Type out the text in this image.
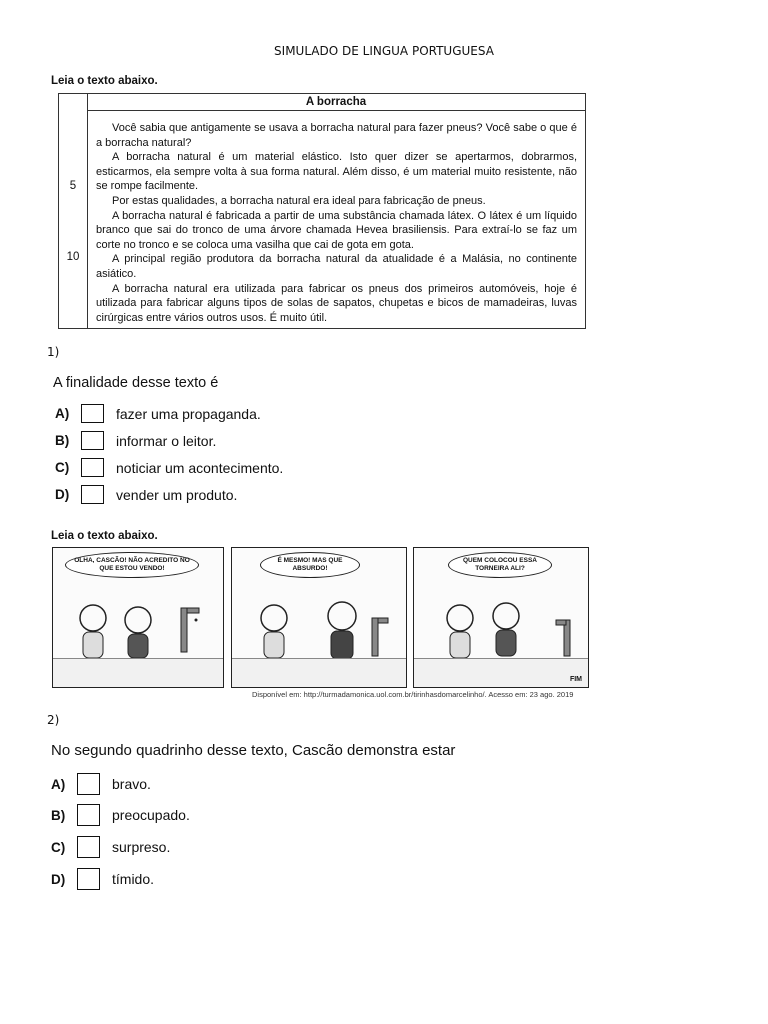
SIMULADO DE LINGUA PORTUGUESA
Leia o texto abaixo.
5
10
A borracha

Você sabia que antigamente se usava a borracha natural para fazer pneus? Você sabe o que é a borracha natural?

A borracha natural é um material elástico. Isto quer dizer se apertarmos, dobrarmos, esticarmos, ela sempre volta à sua forma natural. Além disso, é um material muito resistente, não se rompe facilmente.

Por estas qualidades, a borracha natural era ideal para fabricação de pneus.

A borracha natural é fabricada a partir de uma substância chamada látex. O látex é um líquido branco que sai do tronco de uma árvore chamada Hevea brasiliensis. Para extraí-lo se faz um corte no tronco e se coloca uma vasilha que cai de gota em gota.

A principal região produtora da borracha natural da atualidade é a Malásia, no continente asiático.

A borracha natural era utilizada para fabricar os pneus dos primeiros automóveis, hoje é utilizada para fabricar alguns tipos de solas de sapatos, chupetas e bicos de mamadeiras, luvas cirúrgicas entre vários outros usos. É muito útil.

1)
A finalidade desse texto é
A)	fazer uma propaganda.
B)	informar o leitor.
C)	noticiar um acontecimento.
D)	vender um produto.
Leia o texto abaixo.
OLHA, CASCÃO! NÃO ACREDITO NO QUE ESTOU VENDO!
É MESMO! MAS QUE ABSURDO!
QUEM COLOCOU ESSA TORNEIRA ALI?
FIM
Disponível em: http://turmadamonica.uol.com.br/tirinhasdomarcelinho/. Acesso em: 23 ago. 2019
2)
No segundo quadrinho desse texto, Cascão demonstra estar
A)	bravo.
B)	preocupado.
C)	surpreso.
D)	tímido.
